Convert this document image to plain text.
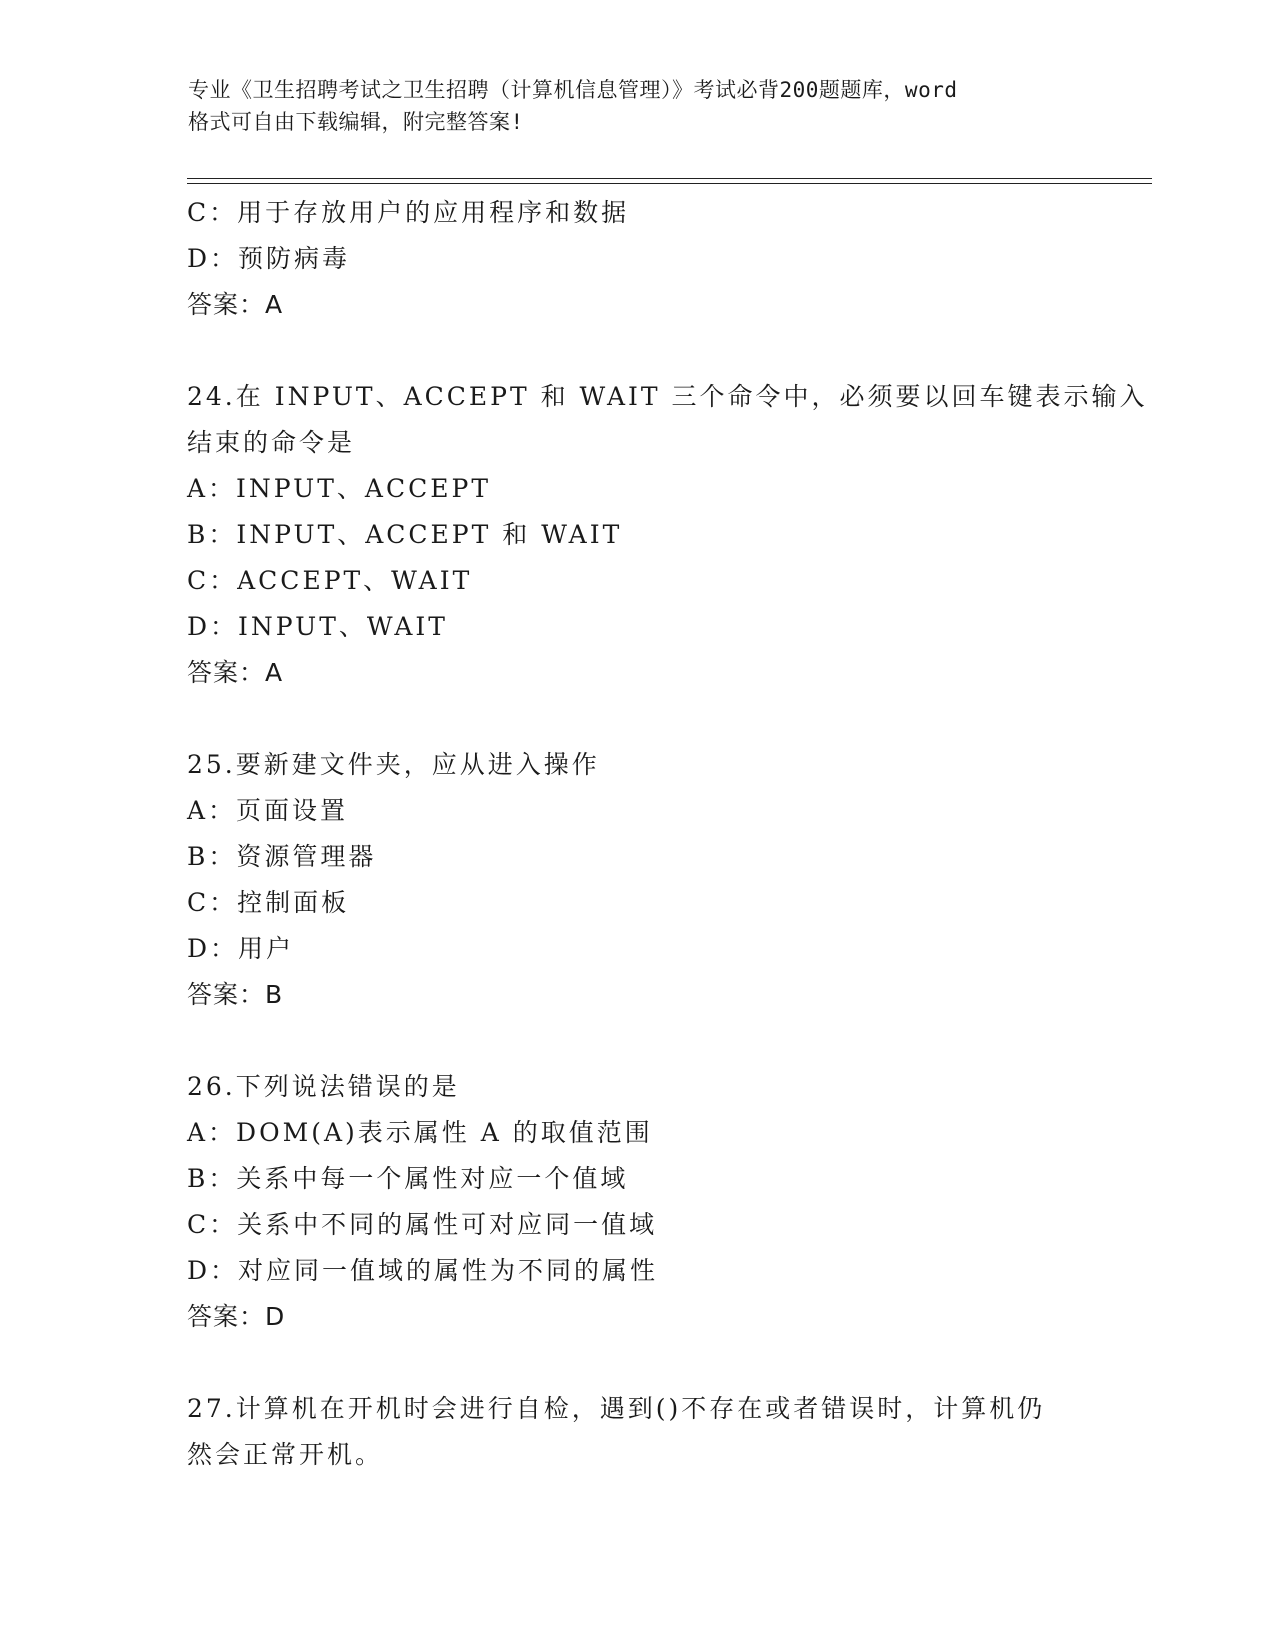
专业《卫生招聘考试之卫生招聘（计算机信息管理）》考试必背200题题库，word
格式可自由下载编辑，附完整答案!
C：用于存放用户的应用程序和数据
D：预防病毒
答案：A
24.在 INPUT、ACCEPT 和 WAIT 三个命令中，必须要以回车键表示输入
结束的命令是
A：INPUT、ACCEPT
B：INPUT、ACCEPT 和 WAIT
C：ACCEPT、WAIT
D：INPUT、WAIT
答案：A
25.要新建文件夹，应从进入操作
A：页面设置
B：资源管理器
C：控制面板
D：用户
答案：B
26.下列说法错误的是
A：DOM(A)表示属性 A 的取值范围
B：关系中每一个属性对应一个值域
C：关系中不同的属性可对应同一值域
D：对应同一值域的属性为不同的属性
答案：D
27.计算机在开机时会进行自检，遇到()不存在或者错误时，计算机仍
然会正常开机。
